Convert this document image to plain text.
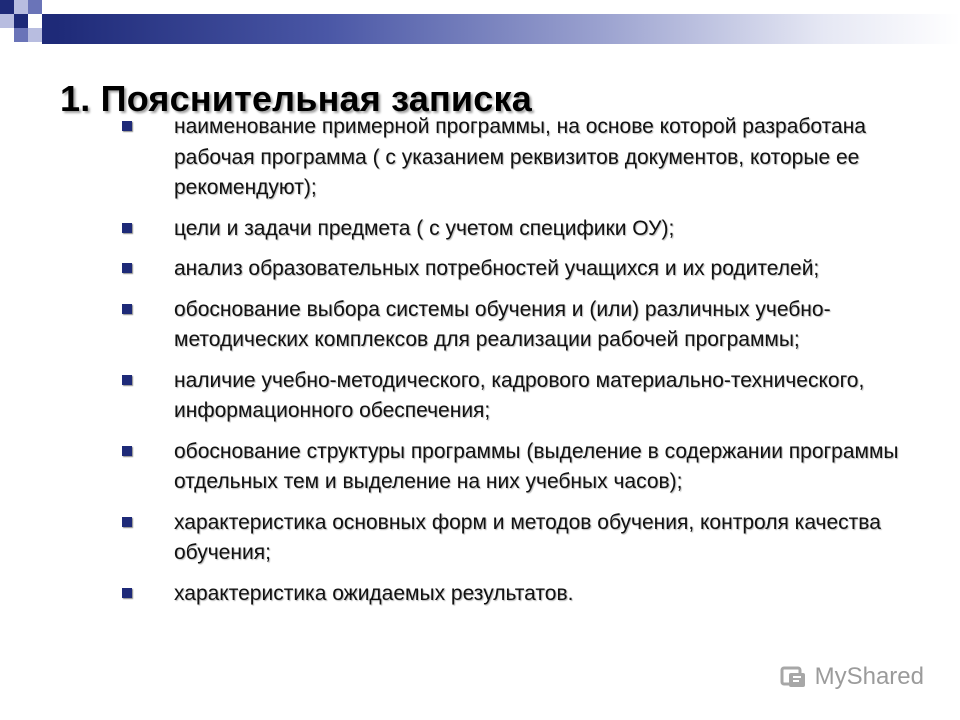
1. Пояснительная записка
наименование примерной программы, на основе которой разработана рабочая программа ( с указанием реквизитов документов, которые ее рекомендуют);
цели и задачи предмета ( с учетом специфики ОУ);
анализ образовательных потребностей учащихся и их родителей;
обоснование выбора системы обучения и (или) различных учебно-методических комплексов для реализации рабочей программы;
наличие учебно-методического, кадрового материально-технического, информационного обеспечения;
обоснование структуры программы (выделение в содержании программы отдельных тем и выделение на них учебных часов);
характеристика основных форм и методов обучения, контроля качества обучения;
характеристика ожидаемых результатов.
MyShared
